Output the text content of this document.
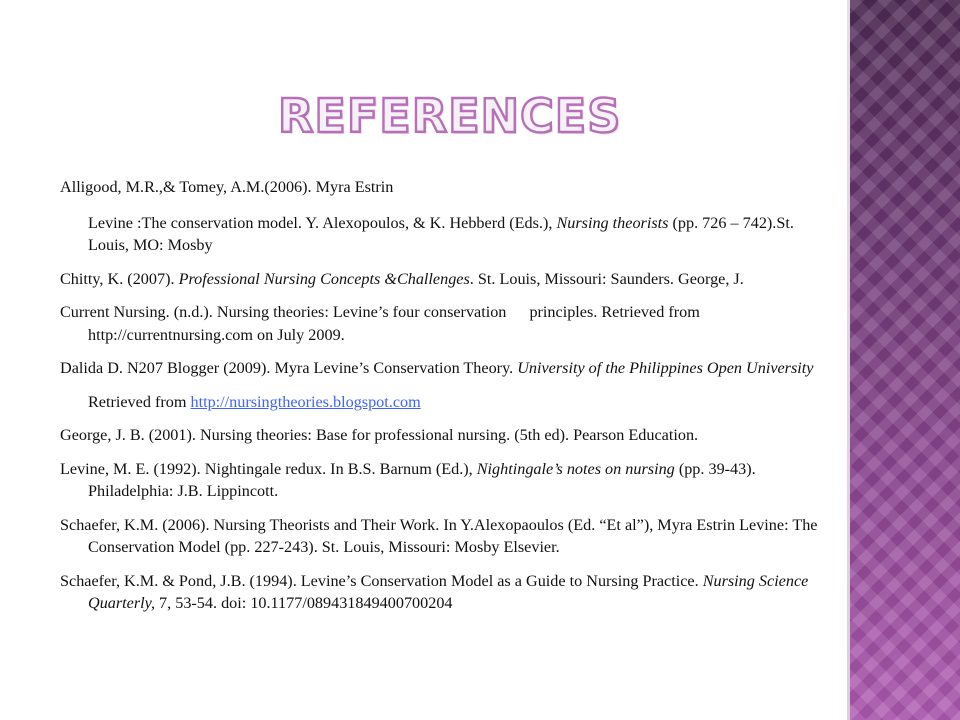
REFERENCES

Alligood, M.R.,& Tomey, A.M.(2006). Myra Estrin

Levine :The conservation model. Y. Alexopoulos, & K. Hebberd (Eds.), Nursing theorists (pp. 726 – 742).St. Louis, MO: Mosby

Chitty, K. (2007). Professional Nursing Concepts &Challenges. St. Louis, Missouri: Saunders. George, J.

Current Nursing. (n.d.). Nursing theories: Levine’s four conservation principles. Retrieved from http://currentnursing.com on July 2009.

Dalida D. N207 Blogger (2009). Myra Levine’s Conservation Theory. University of the Philippines Open University

Retrieved from http://nursingtheories.blogspot.com

George, J. B. (2001). Nursing theories: Base for professional nursing. (5th ed). Pearson Education.

Levine, M. E. (1992). Nightingale redux. In B.S. Barnum (Ed.), Nightingale’s notes on nursing (pp. 39-43). Philadelphia: J.B. Lippincott.

Schaefer, K.M. (2006). Nursing Theorists and Their Work. In Y.Alexopaoulos (Ed. “Et al”), Myra Estrin Levine: The Conservation Model (pp. 227-243). St. Louis, Missouri: Mosby Elsevier.

Schaefer, K.M. & Pond, J.B. (1994). Levine’s Conservation Model as a Guide to Nursing Practice. Nursing Science Quarterly, 7, 53-54. doi: 10.1177/089431849400700204
